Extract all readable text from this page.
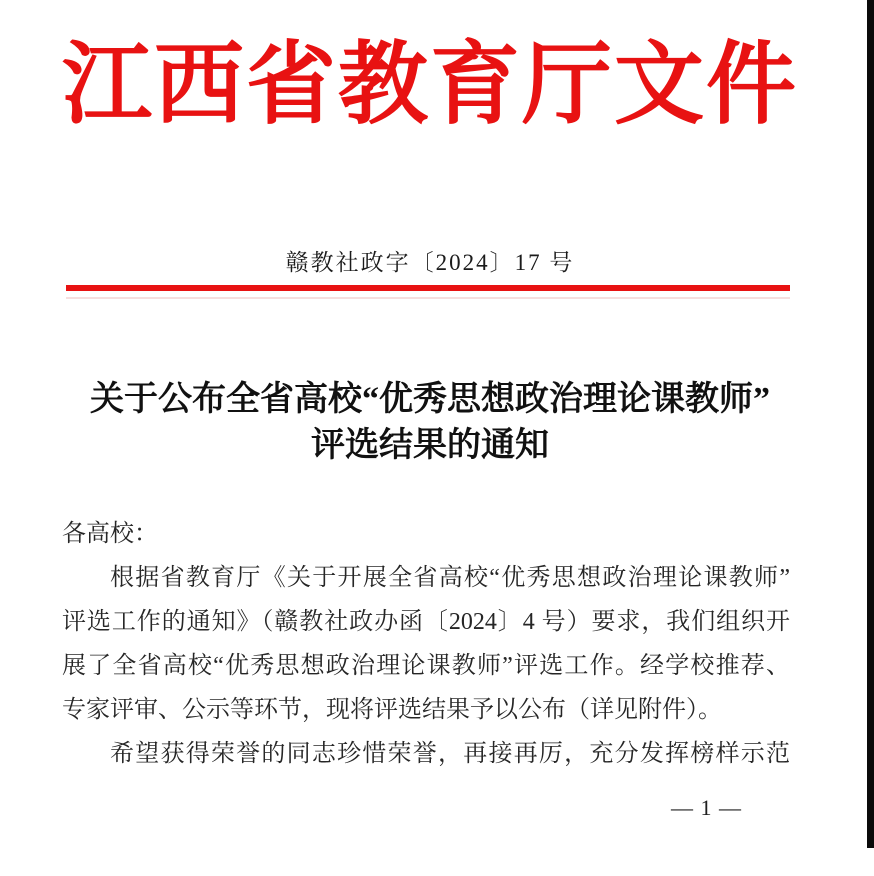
江西省教育厅文件
赣教社政字〔2024〕17 号
关于公布全省高校“优秀思想政治理论课教师”
评选结果的通知
各高校：
根据省教育厅《关于开展全省高校“优秀思想政治理论课教师”
评选工作的通知》（赣教社政办函〔2024〕4 号）要求，我们组织开
展了全省高校“优秀思想政治理论课教师”评选工作。经学校推荐、
专家评审、公示等环节，现将评选结果予以公布（详见附件）。
希望获得荣誉的同志珍惜荣誉，再接再厉，充分发挥榜样示范
— 1 —
